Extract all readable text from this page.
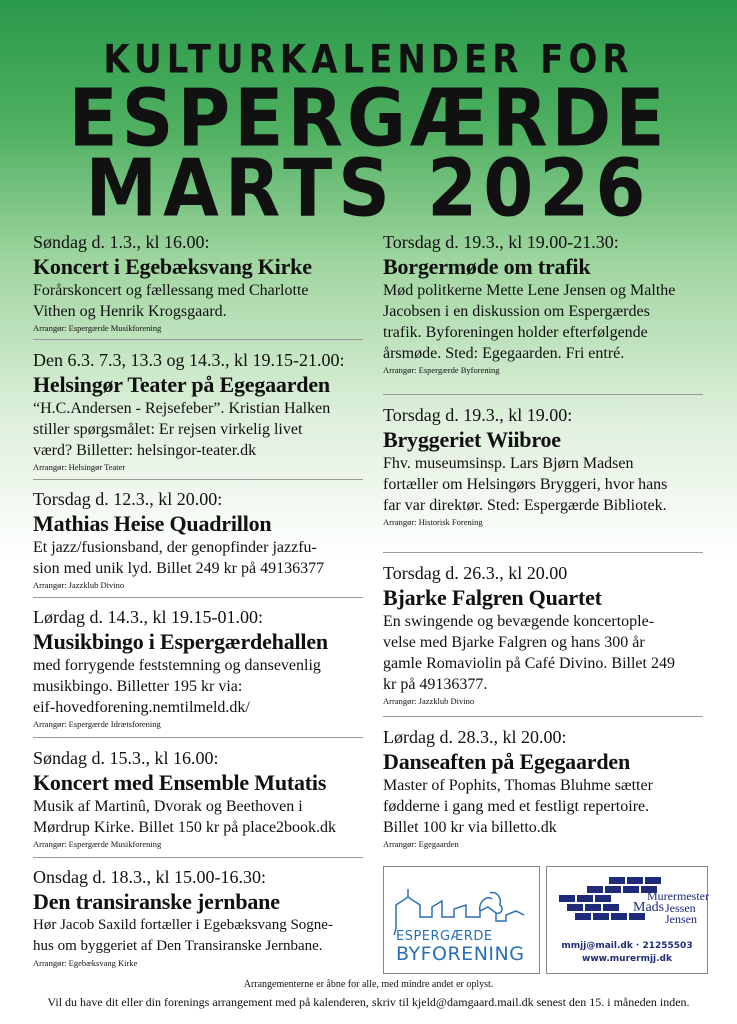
KULTURKALENDER FOR
ESPERGÆRDE
MARTS 2026
Søndag d. 1.3., kl 16.00:
Koncert i Egebæksvang Kirke
Forårskoncert og fællessang med Charlotte
Vithen og Henrik Krogsgaard.
Arrangør: Espergærde Musikforening
Den 6.3. 7.3, 13.3 og 14.3., kl 19.15-21.00:
Helsingør Teater på Egegaarden
“H.C.Andersen - Rejsefeber”. Kristian Halken
stiller spørgsmålet: Er rejsen virkelig livet
værd? Billetter: helsingor-teater.dk
Arrangør: Helsingør Teater
Torsdag d. 12.3., kl 20.00:
Mathias Heise Quadrillon
Et jazz/fusionsband, der genopfinder jazzfu-
sion med unik lyd. Billet 249 kr på 49136377
Arrangør: Jazzklub Divino
Lørdag d. 14.3., kl 19.15-01.00:
Musikbingo i Espergærdehallen
med forrygende feststemning og dansevenlig
musikbingo. Billetter 195 kr via:
eif-hovedforening.nemtilmeld.dk/
Arrangør: Espergærde Idrætsforening
Søndag d. 15.3., kl 16.00:
Koncert med Ensemble Mutatis
Musik af Martinû, Dvorak og Beethoven i
Mørdrup Kirke. Billet 150 kr på place2book.dk
Arrangør: Espergærde Musikforening
Onsdag d. 18.3., kl 15.00-16.30:
Den transiranske jernbane
Hør Jacob Saxild fortæller i Egebæksvang Sogne-
hus om byggeriet af Den Transiranske Jernbane.
Arrangør: Egebæksvang Kirke
Torsdag d. 19.3., kl 19.00-21.30:
Borgermøde om trafik
Mød politkerne Mette Lene Jensen og Malthe
Jacobsen i en diskussion om Espergærdes
trafik. Byforeningen holder efterfølgende
årsmøde. Sted: Egegaarden. Fri entré.
Arrangør: Espergærde Byforening
Torsdag d. 19.3., kl 19.00:
Bryggeriet Wiibroe
Fhv. museumsinsp. Lars Bjørn Madsen
fortæller om Helsingørs Bryggeri, hvor hans
far var direktør. Sted: Espergærde Bibliotek.
Arrangør: Historisk Forening
Torsdag d. 26.3., kl 20.00
Bjarke Falgren Quartet
En swingende og bevægende koncertople-
velse med Bjarke Falgren og hans 300 år
gamle Romaviolin på Café Divino. Billet 249
kr på 49136377.
Arrangør: Jazzklub Divino
Lørdag d. 28.3., kl 20.00:
Danseaften på Egegaarden
Master of Pophits, Thomas Bluhme sætter
fødderne i gang med et festligt repertoire.
Billet 100 kr via billetto.dk
Arrangør: Egegaarden
ESPERGÆRDE
BYFORENING
Murermester
Mads Jessen
Jensen
mmjj@mail.dk · 21255503
www.murermjj.dk
Arrangementerne er åbne for alle, med mindre andet er oplyst.
Vil du have dit eller din forenings arrangement med på kalenderen, skriv til kjeld@damgaard.mail.dk senest den 15. i måneden inden.
